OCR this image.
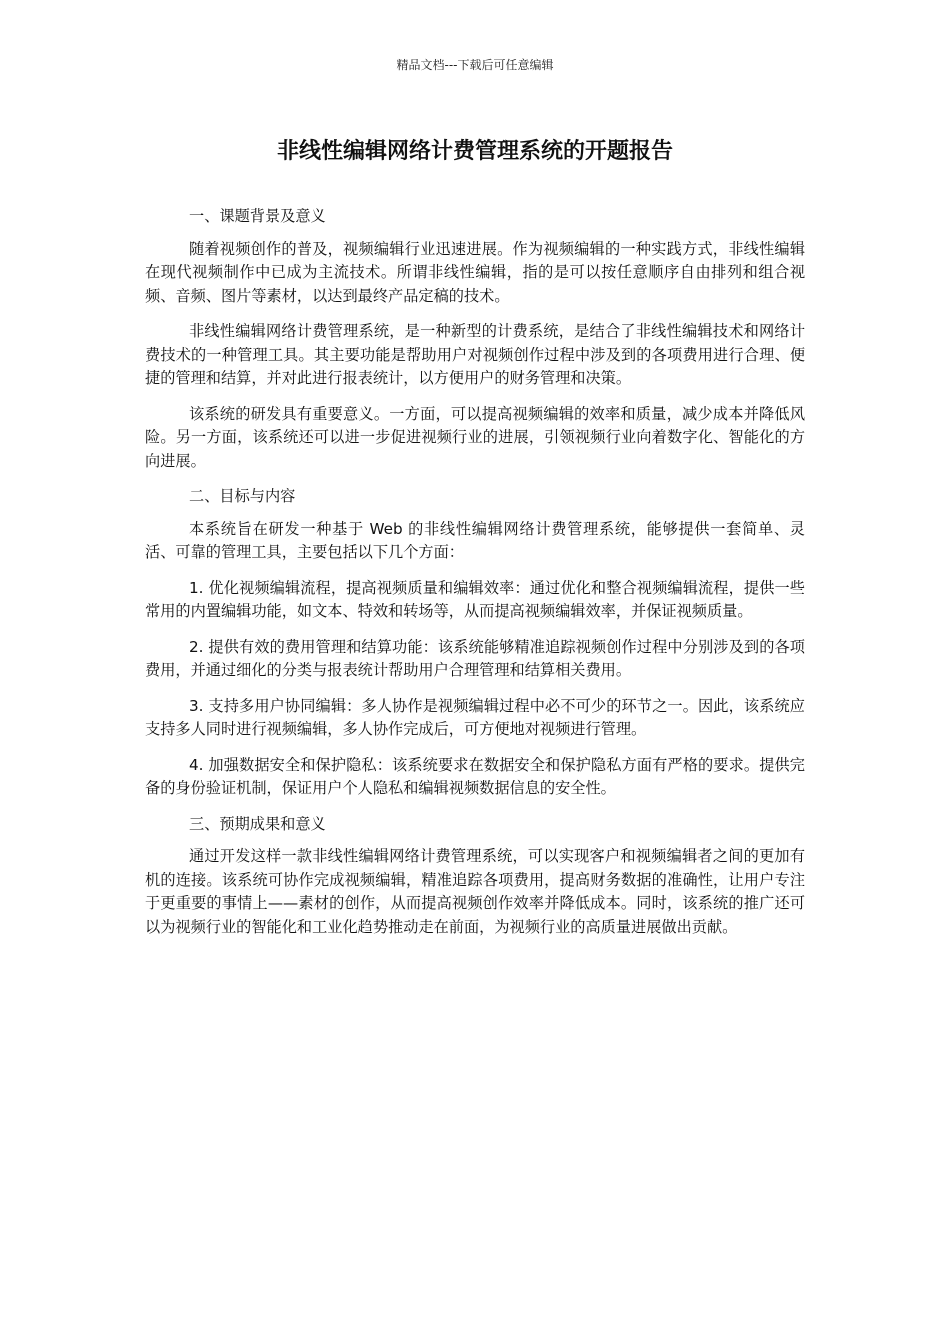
精品文档---下载后可任意编辑
非线性编辑网络计费管理系统的开题报告

一、课题背景及意义

随着视频创作的普及，视频编辑行业迅速进展。作为视频编辑的一种实践方式，非线性编辑在现代视频制作中已成为主流技术。所谓非线性编辑，指的是可以按任意顺序自由排列和组合视频、音频、图片等素材，以达到最终产品定稿的技术。

非线性编辑网络计费管理系统，是一种新型的计费系统，是结合了非线性编辑技术和网络计费技术的一种管理工具。其主要功能是帮助用户对视频创作过程中涉及到的各项费用进行合理、便捷的管理和结算，并对此进行报表统计，以方便用户的财务管理和决策。

该系统的研发具有重要意义。一方面，可以提高视频编辑的效率和质量，减少成本并降低风险。另一方面，该系统还可以进一步促进视频行业的进展，引领视频行业向着数字化、智能化的方向进展。

二、目标与内容

本系统旨在研发一种基于 Web 的非线性编辑网络计费管理系统，能够提供一套简单、灵活、可靠的管理工具，主要包括以下几个方面：

1. 优化视频编辑流程，提高视频质量和编辑效率：通过优化和整合视频编辑流程，提供一些常用的内置编辑功能，如文本、特效和转场等，从而提高视频编辑效率，并保证视频质量。

2. 提供有效的费用管理和结算功能：该系统能够精准追踪视频创作过程中分别涉及到的各项费用，并通过细化的分类与报表统计帮助用户合理管理和结算相关费用。

3. 支持多用户协同编辑：多人协作是视频编辑过程中必不可少的环节之一。因此，该系统应支持多人同时进行视频编辑，多人协作完成后，可方便地对视频进行管理。

4. 加强数据安全和保护隐私：该系统要求在数据安全和保护隐私方面有严格的要求。提供完备的身份验证机制，保证用户个人隐私和编辑视频数据信息的安全性。

三、预期成果和意义

通过开发这样一款非线性编辑网络计费管理系统，可以实现客户和视频编辑者之间的更加有机的连接。该系统可协作完成视频编辑，精准追踪各项费用，提高财务数据的准确性，让用户专注于更重要的事情上——素材的创作，从而提高视频创作效率并降低成本。同时，该系统的推广还可以为视频行业的智能化和工业化趋势推动走在前面，为视频行业的高质量进展做出贡献。
